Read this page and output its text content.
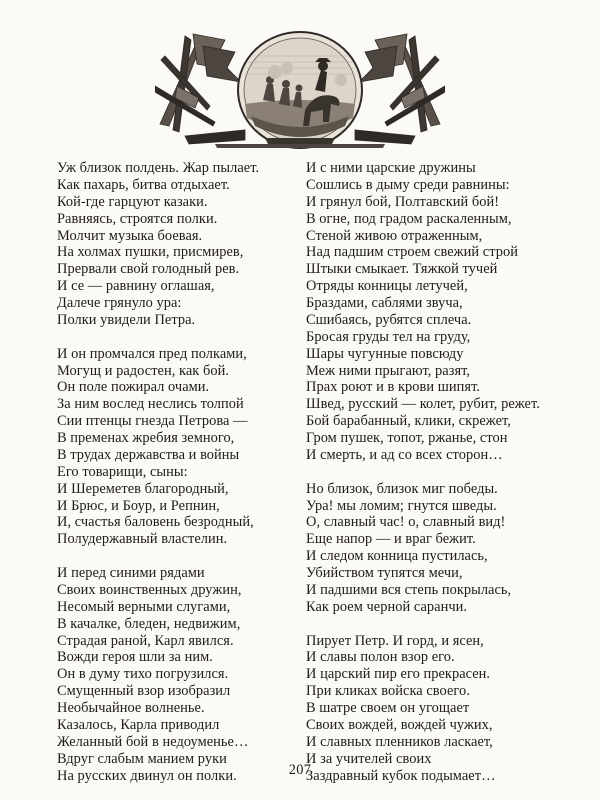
Уж близок полдень. Жар пылает.
Как пахарь, битва отдыхает.
Кой-где гарцуют казаки.
Равняясь, строятся полки.
Молчит музыка боевая.
На холмах пушки, присмирев,
Прервали свой голодный рев.
И се — равнину оглашая,
Далече грянуло ура:
Полки увидели Петра.
И он промчался пред полками,
Могущ и радостен, как бой.
Он поле пожирал очами.
За ним вослед неслись толпой
Сии птенцы гнезда Петрова —
В пременах жребия земного,
В трудах державства и войны
Его товарищи, сыны:
И Шереметев благородный,
И Брюс, и Боур, и Репнин,
И, счастья баловень безродный,
Полудержавный властелин.
И перед синими рядами
Своих воинственных дружин,
Несомый верными слугами,
В качалке, бледен, недвижим,
Страдая раной, Карл явился.
Вожди героя шли за ним.
Он в думу тихо погрузился.
Смущенный взор изобразил
Необычайное волненье.
Казалось, Карла приводил
Желанный бой в недоуменье…
Вдруг слабым манием руки
На русских двинул он полки.
И с ними царские дружины
Сошлись в дыму среди равнины:
И грянул бой, Полтавский бой!
В огне, под градом раскаленным,
Стеной живою отраженным,
Над падшим строем свежий строй
Штыки смыкает. Тяжкой тучей
Отряды конницы летучей,
Браздами, саблями звуча,
Сшибаясь, рубятся сплеча.
Бросая груды тел на груду,
Шары чугунные повсюду
Меж ними прыгают, разят,
Прах роют и в крови шипят.
Швед, русский — колет, рубит, режет.
Бой барабанный, клики, скрежет,
Гром пушек, топот, ржанье, стон
И смерть, и ад со всех сторон…
Но близок, близок миг победы.
Ура! мы ломим; гнутся шведы.
О, славный час! о, славный вид!
Еще напор — и враг бежит.
И следом конница пустилась,
Убийством тупятся мечи,
И падшими вся степь покрылась,
Как роем черной саранчи.
Пирует Петр. И горд, и ясен,
И славы полон взор его.
И царский пир его прекрасен.
При кликах войска своего.
В шатре своем он угощает
Своих вождей, вождей чужих,
И славных пленников ласкает,
И за учителей своих
Заздравный кубок подымает…
207
